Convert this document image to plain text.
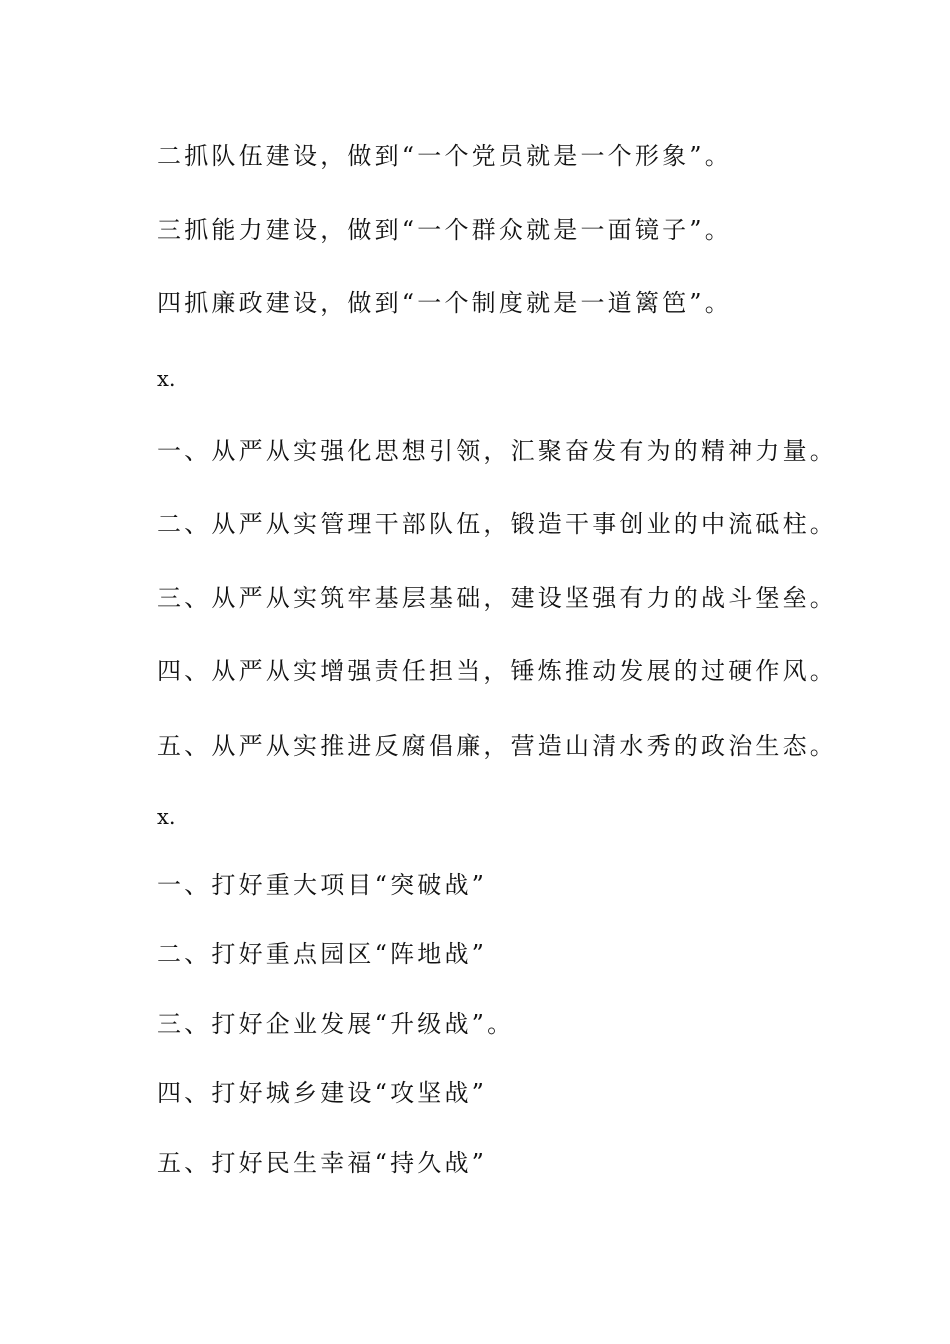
二抓队伍建设，做到“一个党员就是一个形象”。
三抓能力建设，做到“一个群众就是一面镜子”。
四抓廉政建设，做到“一个制度就是一道篱笆”。
x.
一、从严从实强化思想引领，汇聚奋发有为的精神力量。
二、从严从实管理干部队伍，锻造干事创业的中流砥柱。
三、从严从实筑牢基层基础，建设坚强有力的战斗堡垒。
四、从严从实增强责任担当，锤炼推动发展的过硬作风。
五、从严从实推进反腐倡廉，营造山清水秀的政治生态。
x.
一、打好重大项目“突破战”
二、打好重点园区“阵地战”
三、打好企业发展“升级战”。
四、打好城乡建设“攻坚战”
五、打好民生幸福“持久战”
